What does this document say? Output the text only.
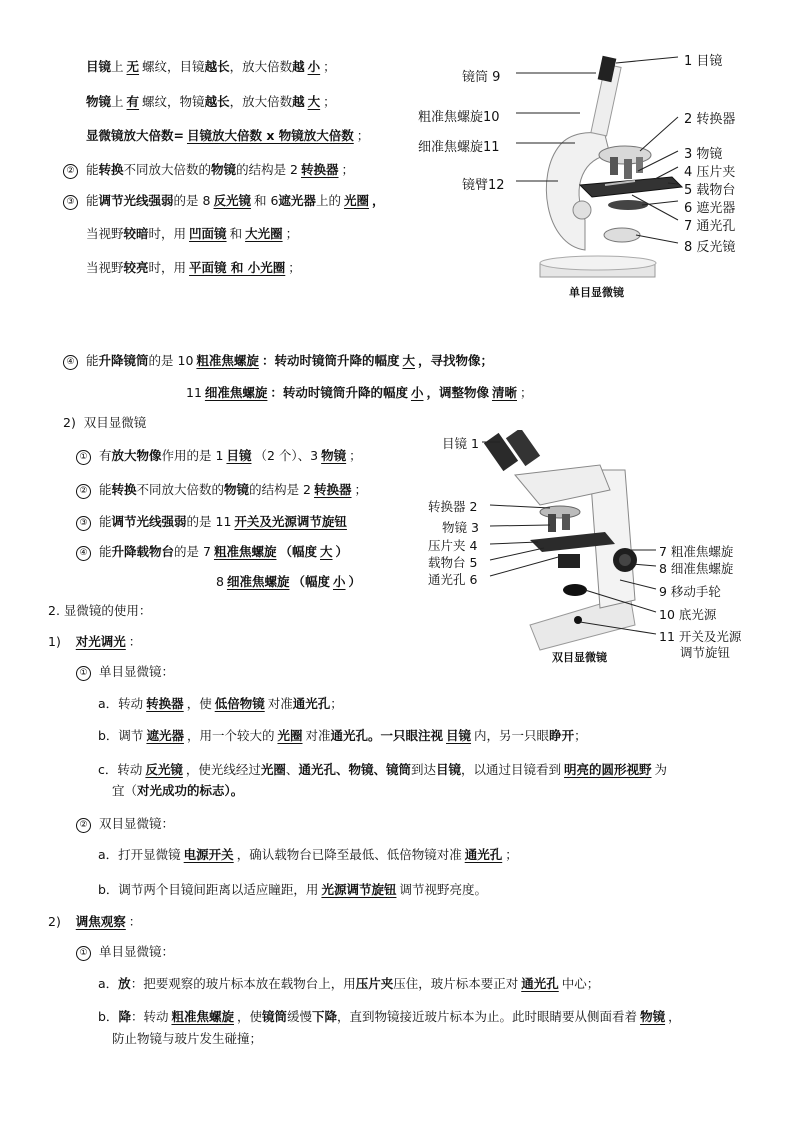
目镜上 无 螺纹，目镜越长，放大倍数越 小 ；
物镜上 有 螺纹，物镜越长，放大倍数越 大 ；
显微镜放大倍数= 目镜放大倍数 x 物镜放大倍数 ；
② 能转换不同放大倍数的物镜的结构是 2 转换器 ；
③ 能调节光线强弱的是 8 反光镜 和 6遮光器上的 光圈 ，
当视野较暗时，用 凹面镜 和 大光圈 ；
当视野较亮时，用 平面镜 和 小光圈 ；
④ 能升降镜筒的是 10 粗准焦螺旋 ：转动时镜筒升降的幅度 大 ，寻找物像；
11 细准焦螺旋 ：转动时镜筒升降的幅度 小 ，调整物像 清晰 ；
镜筒 9
粗准焦螺旋10
细准焦螺旋11
镜臂12
1 目镜
2 转换器
3 物镜
4 压片夹
5 载物台
6 遮光器
7 通光孔
8 反光镜
单目显微镜
2) 双目显微镜
① 有放大物像作用的是 1 目镜 （2 个）、3 物镜 ；
② 能转换不同放大倍数的物镜的结构是 2 转换器 ；
③ 能调节光线强弱的是 11 开关及光源调节旋钮
④ 能升降载物台的是 7 粗准焦螺旋 （幅度 大 ）
8 细准焦螺旋 （幅度 小 ）
目镜 1
转换器 2
物镜 3
压片夹 4
载物台 5
通光孔 6
7 粗准焦螺旋
8 细准焦螺旋
9 移动手轮
10 底光源
11 开关及光源
调节旋钮
双目显微镜
2. 显微镜的使用：
1) 对光调光 ：
① 单目显微镜：
a．转动 转换器 ，使 低倍物镜 对准通光孔；
b．调节 遮光器 ，用一个较大的 光圈 对准通光孔。一只眼注视 目镜 内，另一只眼睁开；
c．转动 反光镜 ，使光线经过光圈、通光孔、物镜、镜筒到达目镜，以通过目镜看到 明亮的圆形视野 为
宜（对光成功的标志）。
② 双目显微镜：
a．打开显微镜 电源开关 ，确认载物台已降至最低、低倍物镜对准 通光孔 ；
b．调节两个目镜间距离以适应瞳距，用 光源调节旋钮 调节视野亮度。
2) 调焦观察 ：
① 单目显微镜：
a．放：把要观察的玻片标本放在载物台上，用压片夹压住，玻片标本要正对 通光孔 中心；
b．降：转动 粗准焦螺旋 ，使镜筒缓慢下降，直到物镜接近玻片标本为止。此时眼睛要从侧面看着 物镜 ，
防止物镜与玻片发生碰撞；
